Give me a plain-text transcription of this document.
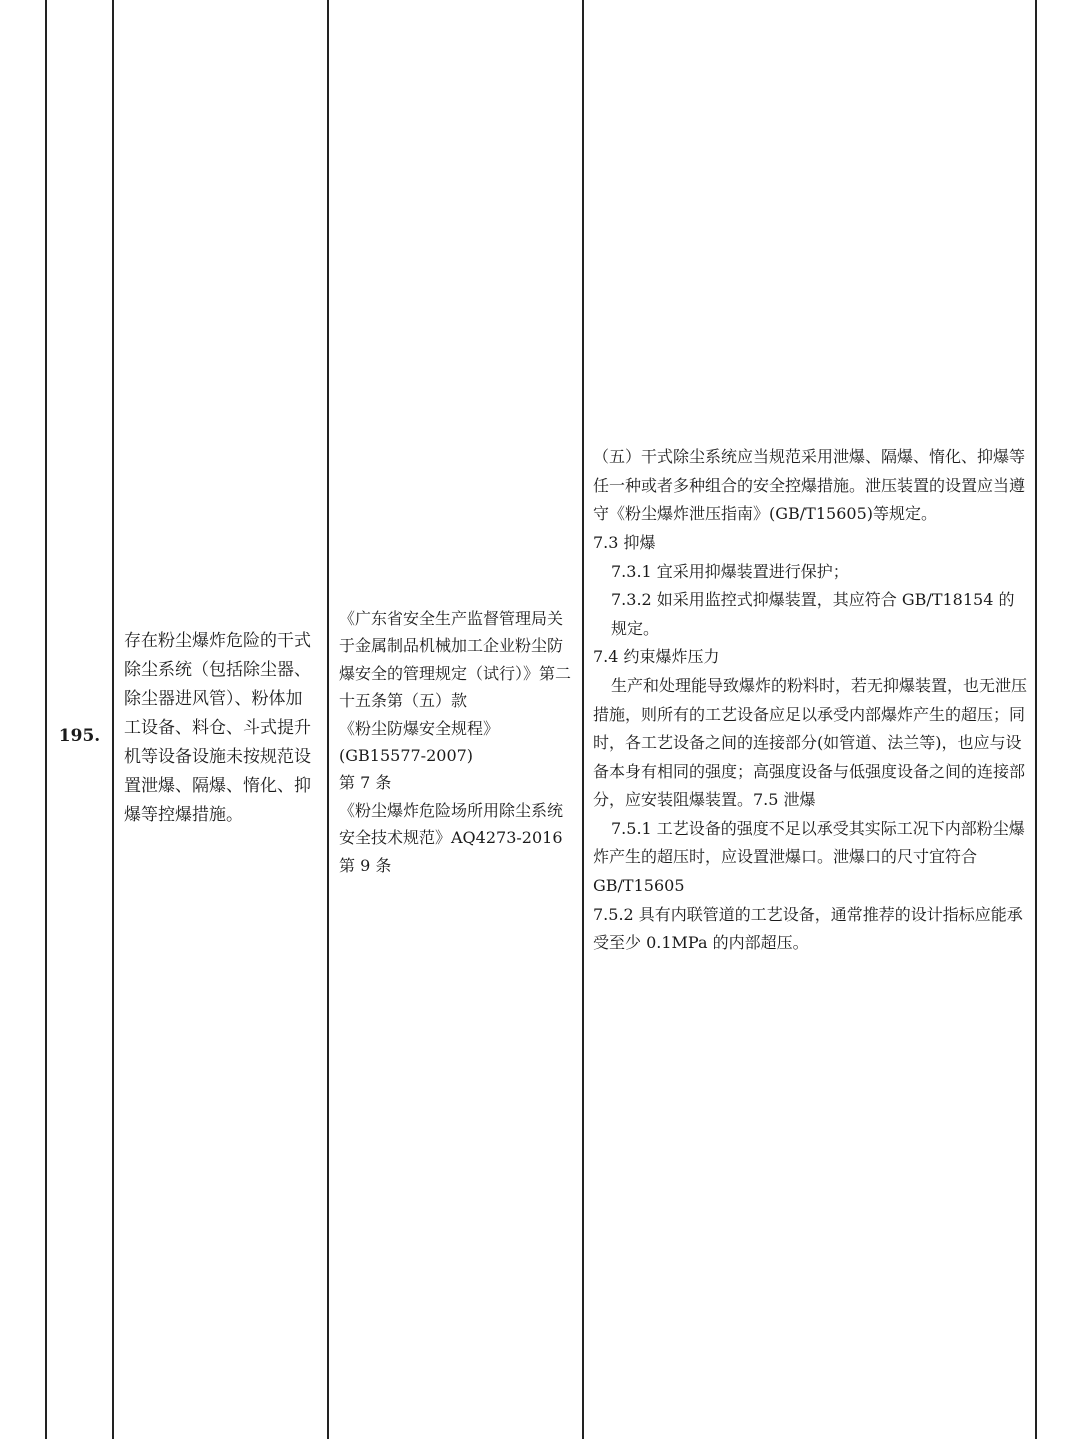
195.
存在粉尘爆炸危险的干式除尘系统（包括除尘器、除尘器进风管）、粉体加工设备、料仓、斗式提升机等设备设施未按规范设置泄爆、隔爆、惰化、抑爆等控爆措施。

《广东省安全生产监督管理局关于金属制品机械加工企业粉尘防爆安全的管理规定（试行）》第二十五条第（五）款

《粉尘防爆安全规程》(GB15577-2007)

第 7 条

《粉尘爆炸危险场所用除尘系统安全技术规范》AQ4273-2016 第 9 条

（五）干式除尘系统应当规范采用泄爆、隔爆、惰化、抑爆等任一种或者多种组合的安全控爆措施。泄压装置的设置应当遵守《粉尘爆炸泄压指南》(GB/T15605)等规定。

7.3 抑爆

7.3.1 宜采用抑爆装置进行保护；

7.3.2 如采用监控式抑爆装置，其应符合 GB/T18154 的规定。

7.4 约束爆炸压力

生产和处理能导致爆炸的粉料时，若无抑爆装置，也无泄压措施，则所有的工艺设备应足以承受内部爆炸产生的超压；同时，各工艺设备之间的连接部分(如管道、法兰等)，也应与设备本身有相同的强度；高强度设备与低强度设备之间的连接部分，应安装阻爆装置。7.5 泄爆

7.5.1 工艺设备的强度不足以承受其实际工况下内部粉尘爆炸产生的超压时，应设置泄爆口。泄爆口的尺寸宜符合 GB/T15605

7.5.2 具有内联管道的工艺设备，通常推荐的设计指标应能承受至少 0.1MPa 的内部超压。
